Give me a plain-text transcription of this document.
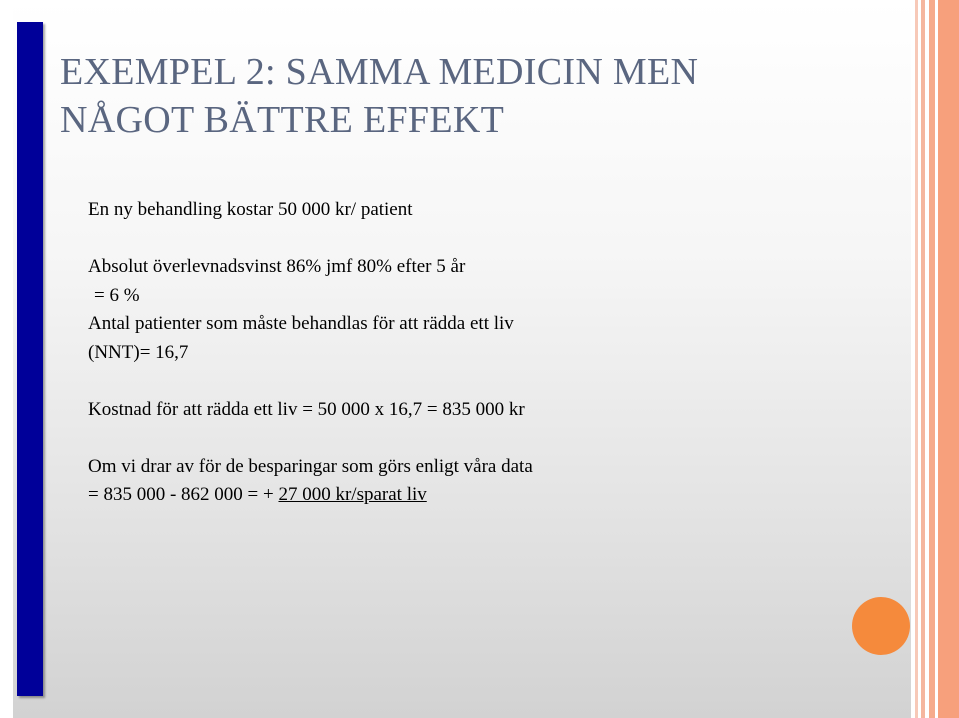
EXEMPEL 2: SAMMA MEDICIN MEN
NÅGOT BÄTTRE EFFEKT
En ny behandling kostar 50 000 kr/ patient
Absolut överlevnadsvinst 86% jmf 80% efter 5 år
= 6 %
Antal patienter som måste behandlas för att rädda ett liv
(NNT)= 16,7
Kostnad för att rädda ett liv = 50 000 x 16,7 = 835 000 kr
Om vi drar av för de besparingar som görs enligt våra data
= 835 000 - 862 000 = + 27 000 kr/sparat liv
